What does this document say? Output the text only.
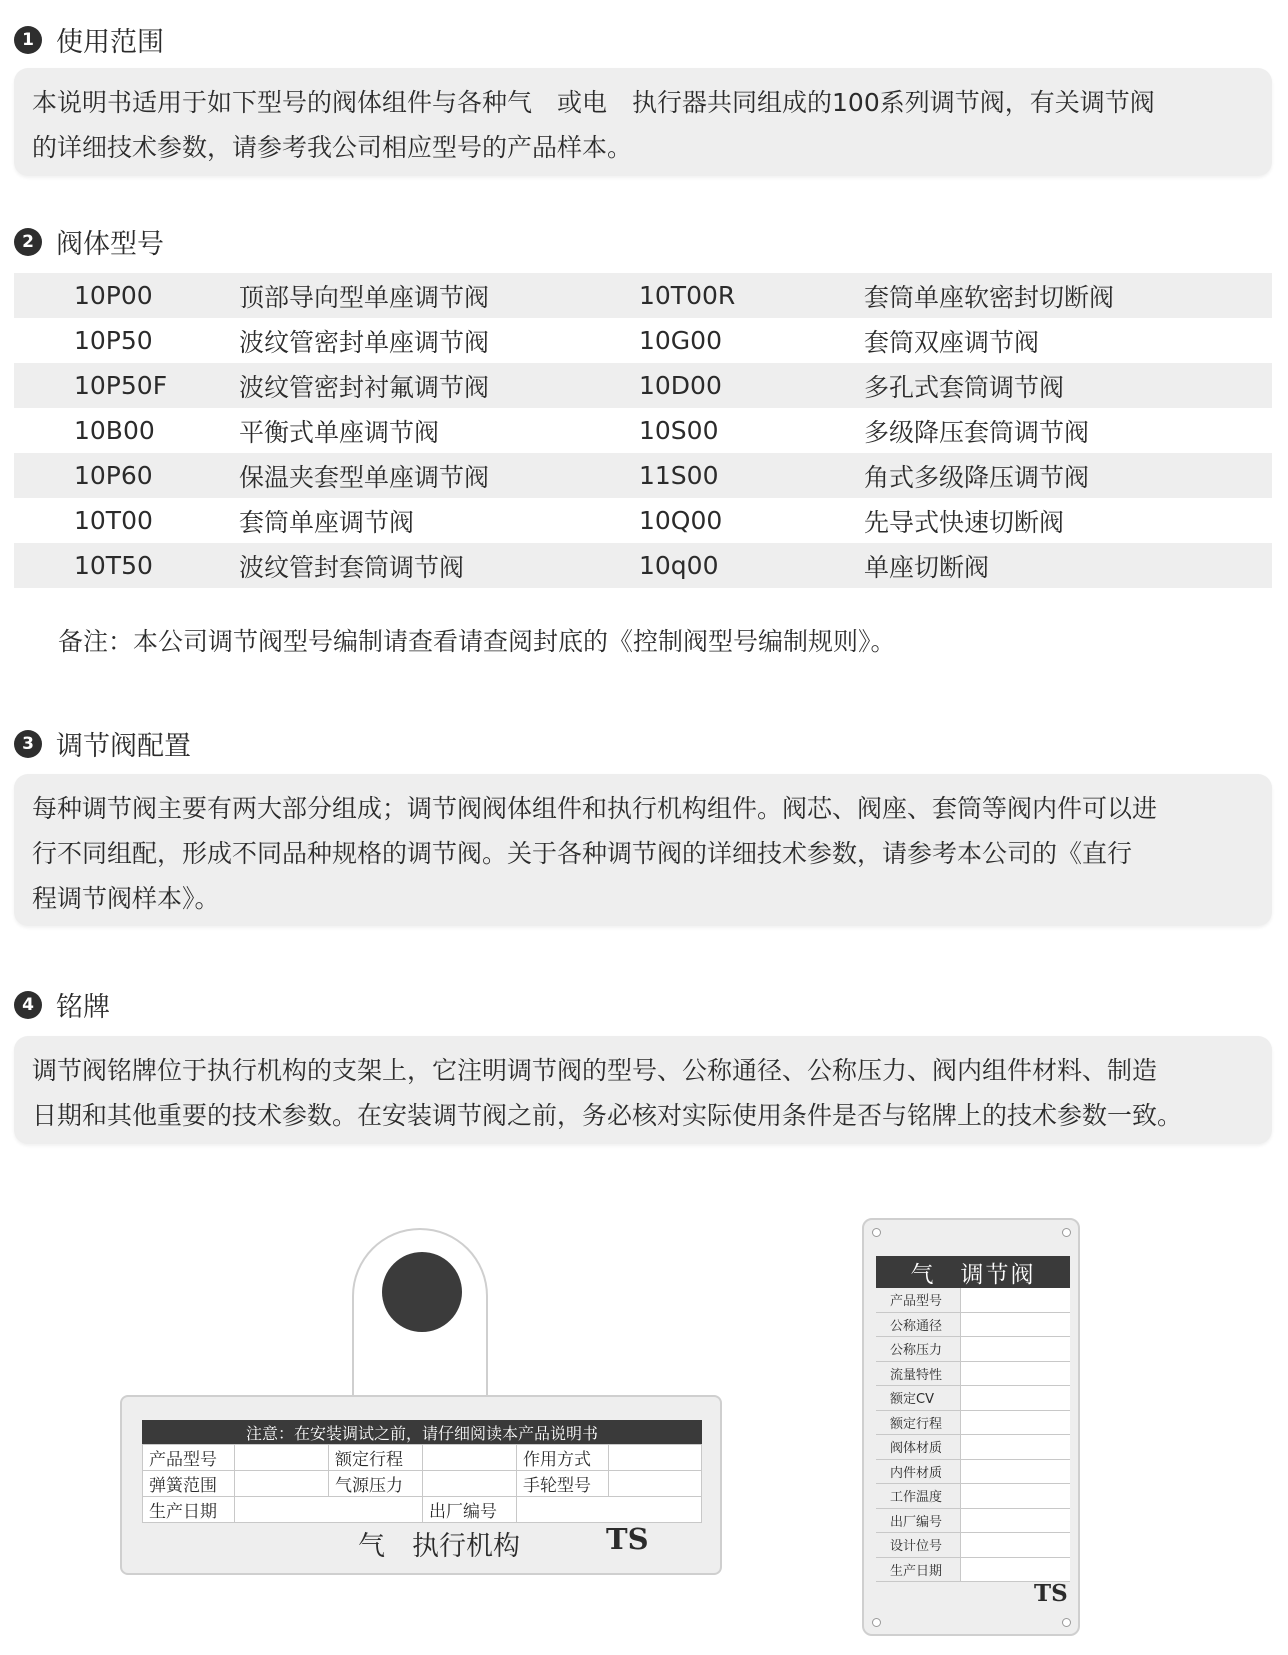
1 使用范围
本说明书适用于如下型号的阀体组件与各种气　或电　执行器共同组成的100系列调节阀，有关调节阀
的详细技术参数，请参考我公司相应型号的产品样本。
2 阀体型号
10P00	顶部导向型单座调节阀	10T00R	套筒单座软密封切断阀
10P50	波纹管密封单座调节阀	10G00	套筒双座调节阀
10P50F	波纹管密封衬氟调节阀	10D00	多孔式套筒调节阀
10B00	平衡式单座调节阀	10S00	多级降压套筒调节阀
10P60	保温夹套型单座调节阀	11S00	角式多级降压调节阀
10T00	套筒单座调节阀	10Q00	先导式快速切断阀
10T50	波纹管封套筒调节阀	10q00	单座切断阀
备注：本公司调节阀型号编制请查看请查阅封底的《控制阀型号编制规则》。
3 调节阀配置
每种调节阀主要有两大部分组成；调节阀阀体组件和执行机构组件。阀芯、阀座、套筒等阀内件可以进
行不同组配，形成不同品种规格的调节阀。关于各种调节阀的详细技术参数，请参考本公司的《直行
程调节阀样本》。
4 铭牌
调节阀铭牌位于执行机构的支架上，它注明调节阀的型号、公称通径、公称压力、阀内组件材料、制造
日期和其他重要的技术参数。在安装调节阀之前，务必核对实际使用条件是否与铭牌上的技术参数一致。
注意：在安装调试之前，请仔细阅读本产品说明书
产品型号		额定行程		作用方式	
弹簧范围		气源压力		手轮型号	
生产日期			出厂编号		
气　执行机构	TS
气　调节阀
产品型号	
公称通径	
公称压力	
流量特性	
额定CV	
额定行程	
阀体材质	
内件材质	
工作温度	
出厂编号	
设计位号	
生产日期	
TS
